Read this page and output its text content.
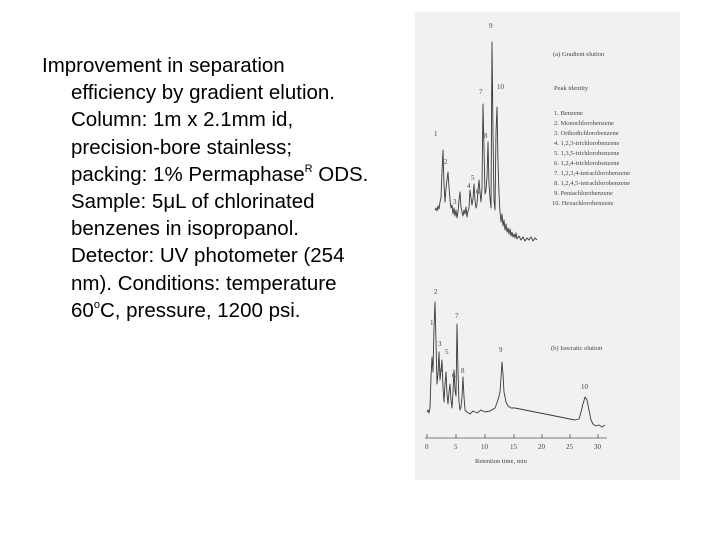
Improvement in separation efficiency by gradient elution. Column: 1m x 2.1mm id, precision-bore stainless; packing: 1% Permaphase$^R$ ODS. Sample: 5μL of chlorinated benzenes in isopropanol. Detector: UV photometer (254 nm). Conditions: temperature 60$^o$C, pressure, 1200 psi.

1
2
3
4
5
6
7
8
9
10
(a) Gradient elution
Peak identity
1. Benzene
2. Monochlorobenzene
3. Orthodichlorobenzene
4. 1,2,3-trichlorobenzene
5. 1,3,5-trichlorobenzene
6. 1,2,4-trichlorobenzene
7. 1,2,3,4-tetrachlorobenzene
8. 1,2,4,5-tetrachlorobenzene
9. Pentachlorobenzene
10. Hexachlorobenzene
1
2
3
4
5
6
7
8
9
10
(b) Isocratic elution
0	5	10	15	20	25	30
Retention time, min
